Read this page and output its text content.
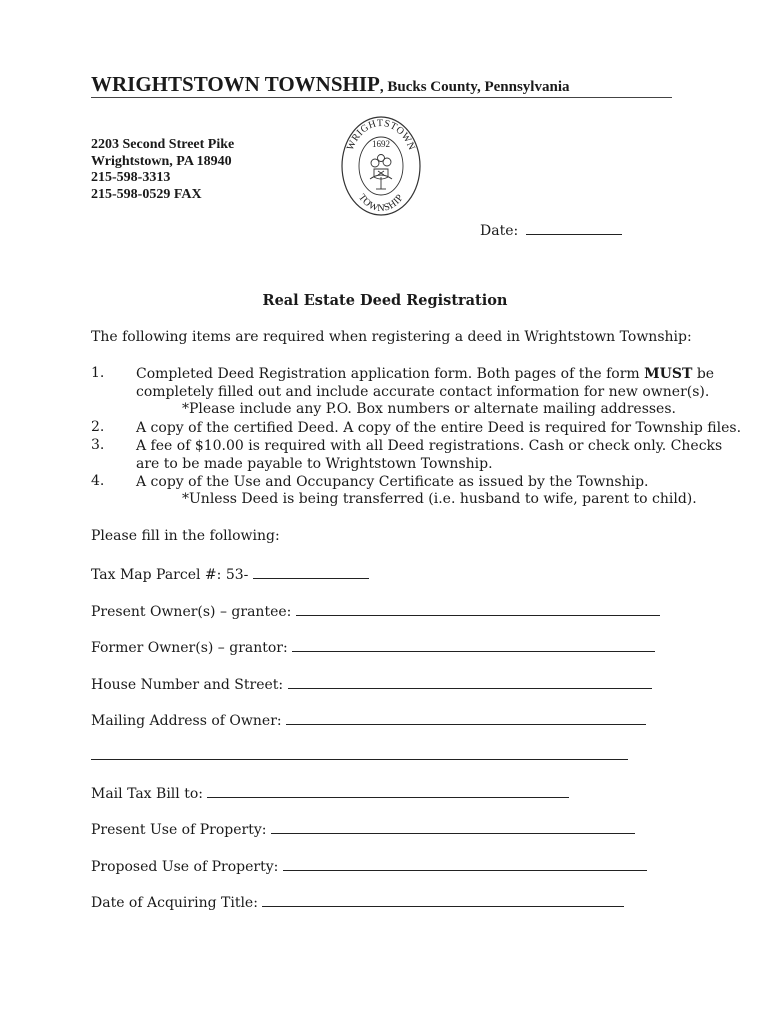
WRIGHTSTOWN TOWNSHIP, Bucks County, Pennsylvania
2203 Second Street Pike
Wrightstown, PA 18940
215-598-3313
215-598-0529 FAX
WRIGHTSTOWN
TOWNSHIP
1692
Date:
Real Estate Deed Registration
The following items are required when registering a deed in Wrightstown Township:
1. Completed Deed Registration application form. Both pages of the form MUST be
completely filled out and include accurate contact information for new owner(s).
*Please include any P.O. Box numbers or alternate mailing addresses.
2. A copy of the certified Deed. A copy of the entire Deed is required for Township files.
3. A fee of $10.00 is required with all Deed registrations. Cash or check only. Checks
are to be made payable to Wrightstown Township.
4. A copy of the Use and Occupancy Certificate as issued by the Township.
*Unless Deed is being transferred (i.e. husband to wife, parent to child).
Please fill in the following:
Tax Map Parcel #: 53-
Present Owner(s) – grantee:
Former Owner(s) – grantor:
House Number and Street:
Mailing Address of Owner:
Mail Tax Bill to:
Present Use of Property:
Proposed Use of Property:
Date of Acquiring Title:
